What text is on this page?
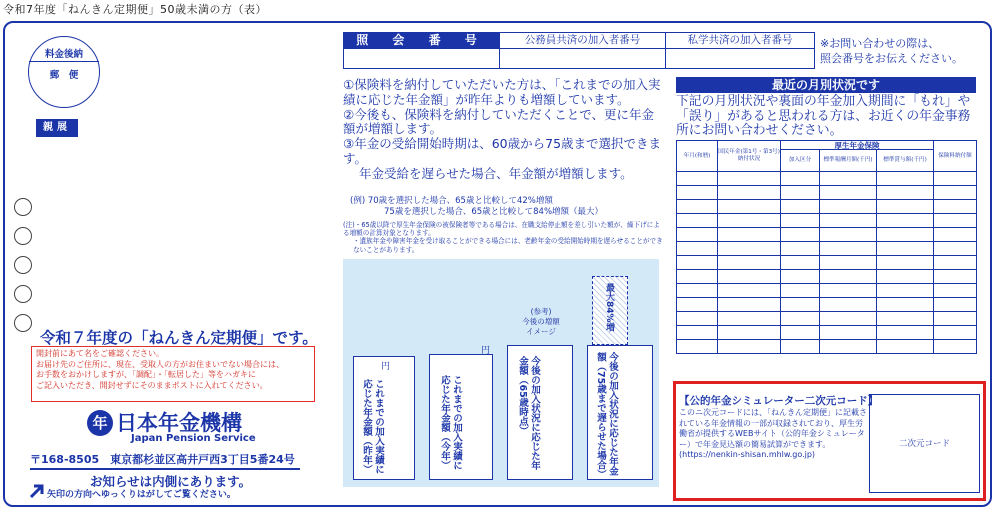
令和7年度「ねんきん定期便」50歳未満の方（表）
料金後納
郵　便
親展
令和７年度の「ねんきん定期便」です。
開封前にあて名をご確認ください。
お届け先のご住所に、現在、受取人の方がお住まいでない場合には、
お手数をおかけしますが、「調配」・「転居した」等をハガキに
ご記入いただき、開封せずにそのままポストに入れてください。
年 日本年金機構
Japan Pension Service
〒168-8505　東京都杉並区高井戸西3丁目5番24号
お知らせは内側にあります。
矢印の方向へゆっくりはがしてご覧ください。
照 会 番 号	公務員共済の加入者番号	私学共済の加入者番号	※お問い合わせの際は、
照会番号をお伝えください。

①保険料を納付していただいた方は、「これまでの加入実績に応じた年金額」が昨年よりも増額しています。

②今後も、保険料を納付していただくことで、更に年金額が増額します。

③年金の受給開始時期は、60歳から75歳まで選択できます。

年金受給を遅らせた場合、年金額が増額します。

(例) 70歳を選択した場合、65歳と比較して42%増額
75歳を選択した場合、65歳と比較して84%増額（最大）
(注)・65歳以降で厚生年金保険の被保険者等である場合は、在職支給停止額を差し引いた額が、繰下げによる増額の計算対象となります。
・遺族年金や障害年金を受け取ることができる場合には、老齢年金の受給開始時期を遅らせることができないことがあります。
これまでの加入実績に応じた年金額（昨年）
円
これまでの加入実績に応じた年金額（今年）
円
今後の加入状況に応じた年金額（65歳時点）
(参考)
今後の増額
イメージ
今後の加入状況に応じた年金額（75歳まで遅らせた場合）
最大84%増
最近の月別状況です
下記の月別状況や裏面の年金加入期間に「もれ」や「誤り」があると思われる方は、お近くの年金事務所にお問い合わせください。
年月(和暦)	国民年金(第1号・第3号)納付状況	厚生年金保険			保険料納付額
		加入区分	標準報酬月額(千円)	標準賞与額(千円)	

【公的年金シミュレーター二次元コード】
このニ次元コードには、「ねんきん定期便」に記載されている年金情報の一部が収録されており、厚生労働省が提供するWEBサイト（公的年金シミュレーター）で年金見込額の簡易試算ができます。(https://nenkin-shisan.mhlw.go.jp)
二次元コード
